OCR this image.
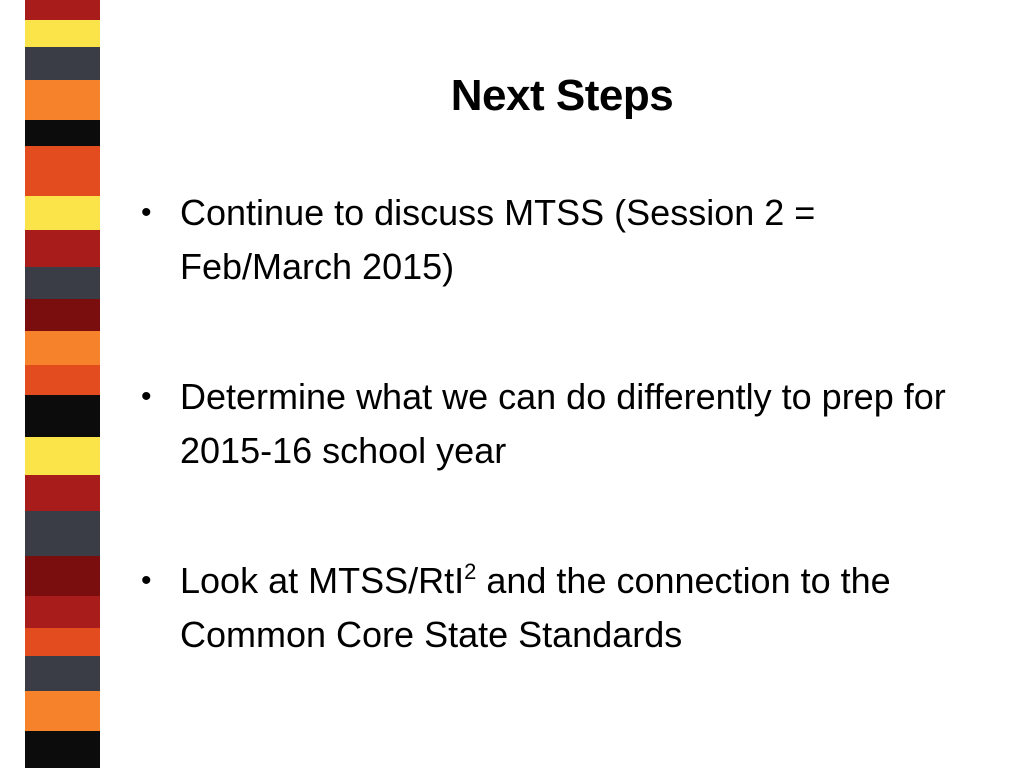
Next Steps
• Continue to discuss MTSS (Session 2 = Feb/March 2015)
• Determine what we can do differently to prep for 2015-16 school year
• Look at MTSS/RtI$^2$ and the connection to the Common Core State Standards
